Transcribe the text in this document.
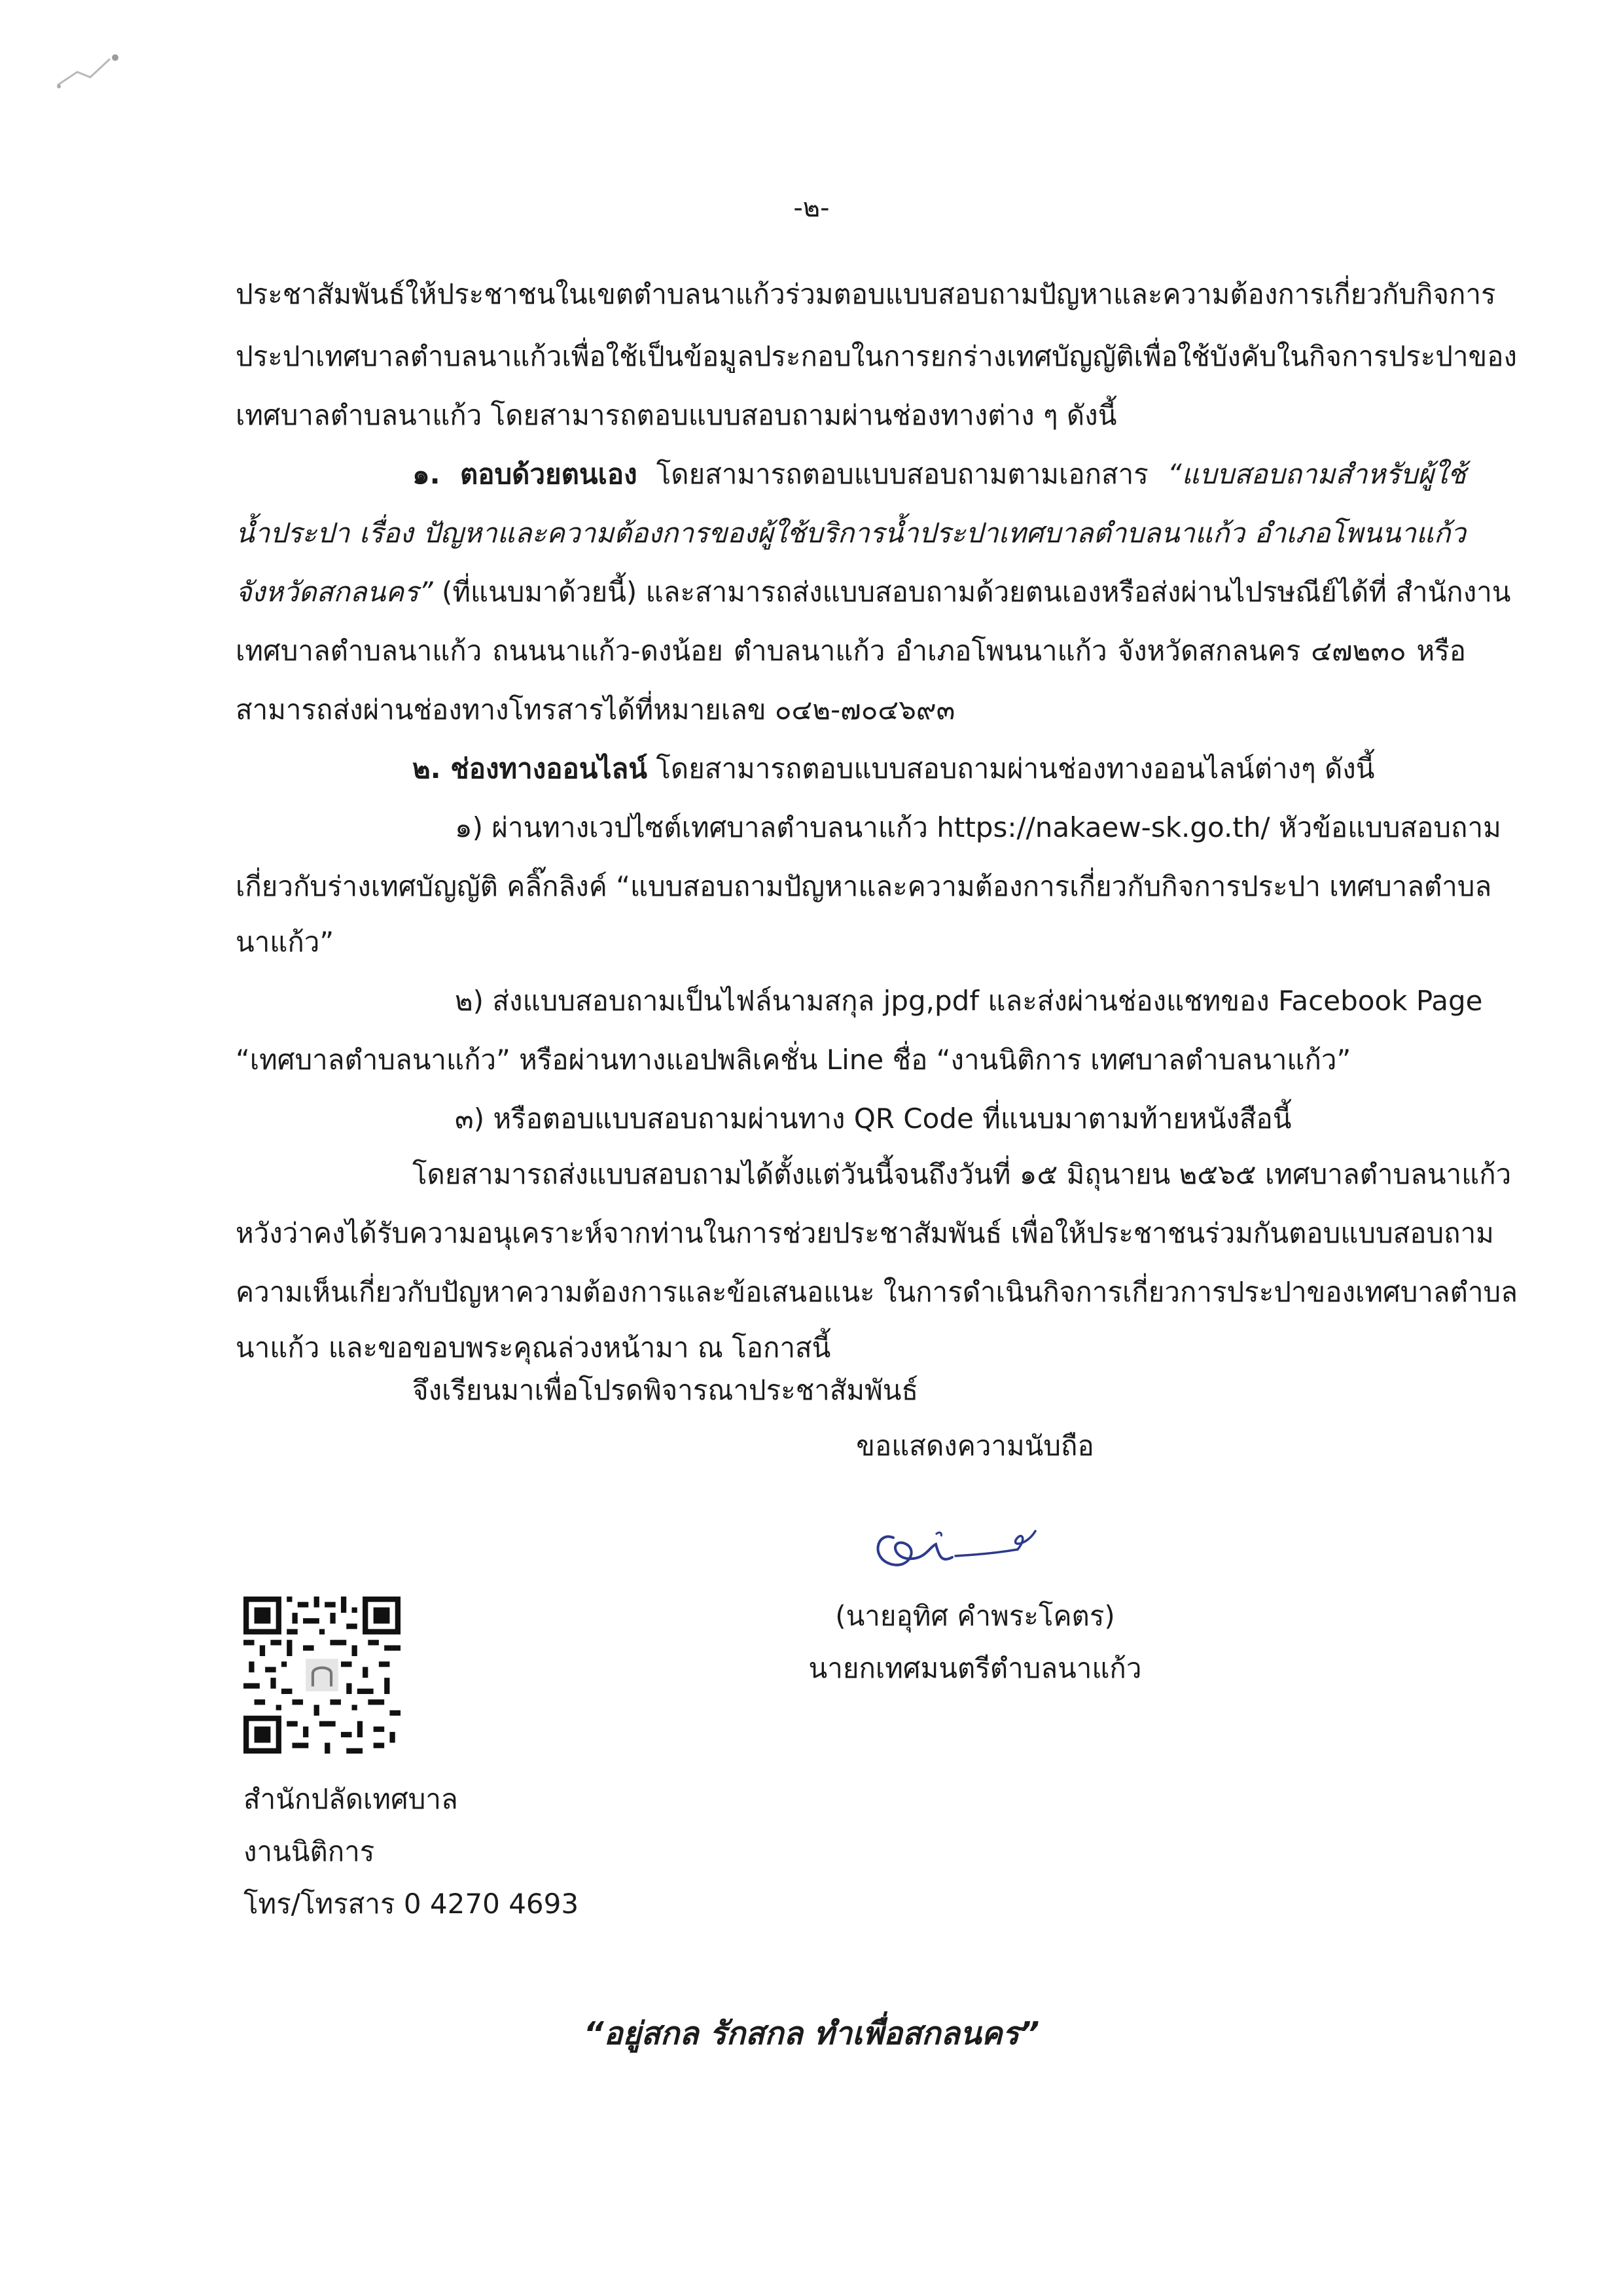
-๒-
ประชาสัมพันธ์ให้ประชาชนในเขตตำบลนาแก้วร่วมตอบแบบสอบถามปัญหาและความต้องการเกี่ยวกับกิจการ
ประปาเทศบาลตำบลนาแก้วเพื่อใช้เป็นข้อมูลประกอบในการยกร่างเทศบัญญัติเพื่อใช้บังคับในกิจการประปาของ
เทศบาลตำบลนาแก้ว โดยสามารถตอบแบบสอบถามผ่านช่องทางต่าง ๆ ดังนี้
๑. ตอบด้วยตนเอง โดยสามารถตอบแบบสอบถามตามเอกสาร “แบบสอบถามสำหรับผู้ใช้
น้ำประปา เรื่อง ปัญหาและความต้องการของผู้ใช้บริการน้ำประปาเทศบาลตำบลนาแก้ว อำเภอโพนนาแก้ว
จังหวัดสกลนคร” (ที่แนบมาด้วยนี้) และสามารถส่งแบบสอบถามด้วยตนเองหรือส่งผ่านไปรษณีย์ได้ที่ สำนักงาน
เทศบาลตำบลนาแก้ว ถนนนาแก้ว-ดงน้อย ตำบลนาแก้ว อำเภอโพนนาแก้ว จังหวัดสกลนคร ๔๗๒๓๐ หรือ
สามารถส่งผ่านช่องทางโทรสารได้ที่หมายเลข ๐๔๒-๗๐๔๖๙๓
๒. ช่องทางออนไลน์ โดยสามารถตอบแบบสอบถามผ่านช่องทางออนไลน์ต่างๆ ดังนี้
๑) ผ่านทางเวปไซต์เทศบาลตำบลนาแก้ว https://nakaew-sk.go.th/ หัวข้อแบบสอบถาม
เกี่ยวกับร่างเทศบัญญัติ คลิ๊กลิงค์ “แบบสอบถามปัญหาและความต้องการเกี่ยวกับกิจการประปา เทศบาลตำบล
นาแก้ว”
๒) ส่งแบบสอบถามเป็นไฟล์นามสกุล jpg,pdf และส่งผ่านช่องแชทของ Facebook Page
“เทศบาลตำบลนาแก้ว” หรือผ่านทางแอปพลิเคชั่น Line ชื่อ “งานนิติการ เทศบาลตำบลนาแก้ว”
๓) หรือตอบแบบสอบถามผ่านทาง QR Code ที่แนบมาตามท้ายหนังสือนี้
โดยสามารถส่งแบบสอบถามได้ตั้งแต่วันนี้จนถึงวันที่ ๑๕ มิถุนายน ๒๕๖๕ เทศบาลตำบลนาแก้ว
หวังว่าคงได้รับความอนุเคราะห์จากท่านในการช่วยประชาสัมพันธ์ เพื่อให้ประชาชนร่วมกันตอบแบบสอบถาม
ความเห็นเกี่ยวกับปัญหาความต้องการและข้อเสนอแนะ ในการดำเนินกิจการเกี่ยวการประปาของเทศบาลตำบล
นาแก้ว และขอขอบพระคุณล่วงหน้ามา ณ โอกาสนี้
จึงเรียนมาเพื่อโปรดพิจารณาประชาสัมพันธ์
ขอแสดงความนับถือ
(นายอุทิศ คำพระโคตร)
นายกเทศมนตรีตำบลนาแก้ว
สำนักปลัดเทศบาล
งานนิติการ
โทร/โทรสาร 0 4270 4693
“อยู่สกล รักสกล ทำเพื่อสกลนคร”
